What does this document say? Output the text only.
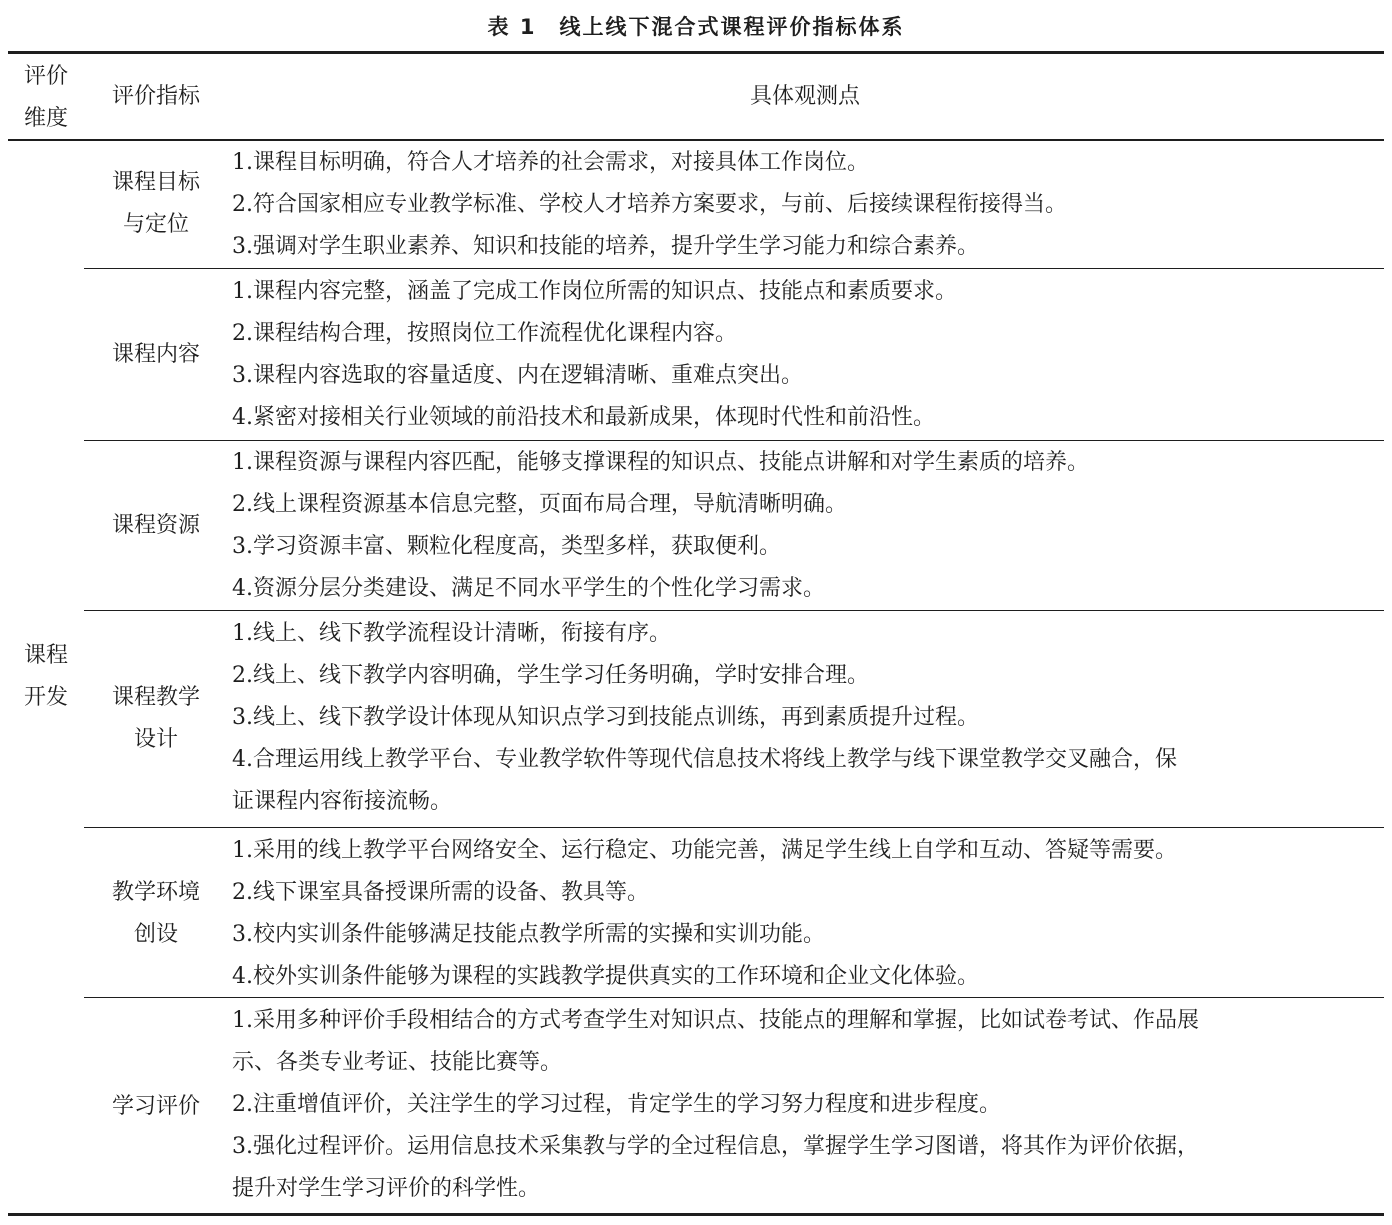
表 1　线上线下混合式课程评价指标体系
评价
维度
评价指标	具体观测点
课程
开发
课程目标
与定位
1.课程目标明确，符合人才培养的社会需求，对接具体工作岗位。
2.符合国家相应专业教学标准、学校人才培养方案要求，与前、后接续课程衔接得当。
3.强调对学生职业素养、知识和技能的培养，提升学生学习能力和综合素养。
课程内容
1.课程内容完整，涵盖了完成工作岗位所需的知识点、技能点和素质要求。
2.课程结构合理，按照岗位工作流程优化课程内容。
3.课程内容选取的容量适度、内在逻辑清晰、重难点突出。
4.紧密对接相关行业领域的前沿技术和最新成果，体现时代性和前沿性。
课程资源
1.课程资源与课程内容匹配，能够支撑课程的知识点、技能点讲解和对学生素质的培养。
2.线上课程资源基本信息完整，页面布局合理，导航清晰明确。
3.学习资源丰富、颗粒化程度高，类型多样，获取便利。
4.资源分层分类建设、满足不同水平学生的个性化学习需求。
课程教学
设计
1.线上、线下教学流程设计清晰，衔接有序。
2.线上、线下教学内容明确，学生学习任务明确，学时安排合理。
3.线上、线下教学设计体现从知识点学习到技能点训练，再到素质提升过程。
4.合理运用线上教学平台、专业教学软件等现代信息技术将线上教学与线下课堂教学交叉融合，保
证课程内容衔接流畅。
教学环境
创设
1.采用的线上教学平台网络安全、运行稳定、功能完善，满足学生线上自学和互动、答疑等需要。
2.线下课室具备授课所需的设备、教具等。
3.校内实训条件能够满足技能点教学所需的实操和实训功能。
4.校外实训条件能够为课程的实践教学提供真实的工作环境和企业文化体验。
学习评价
1.采用多种评价手段相结合的方式考查学生对知识点、技能点的理解和掌握，比如试卷考试、作品展
示、各类专业考证、技能比赛等。
2.注重增值评价，关注学生的学习过程，肯定学生的学习努力程度和进步程度。
3.强化过程评价。运用信息技术采集教与学的全过程信息，掌握学生学习图谱，将其作为评价依据，
提升对学生学习评价的科学性。
